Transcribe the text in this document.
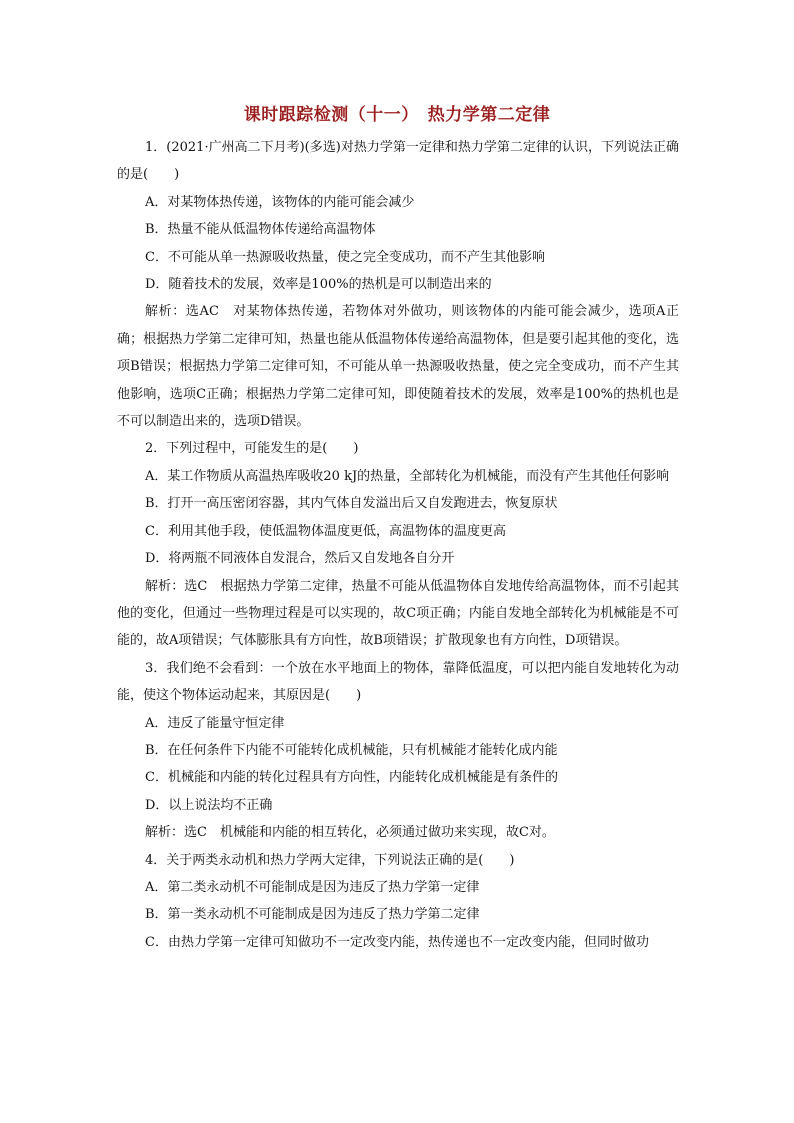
课时跟踪检测（十一）　热力学第二定律

1．(2021·广州高二下月考)(多选)对热力学第一定律和热力学第二定律的认识，下列说法正确的是(　　)

A．对某物体热传递，该物体的内能可能会减少

B．热量不能从低温物体传递给高温物体

C．不可能从单一热源吸收热量，使之完全变成功，而不产生其他影响

D．随着技术的发展，效率是100%的热机是可以制造出来的

解析：选AC　对某物体热传递，若物体对外做功，则该物体的内能可能会减少，选项A正确；根据热力学第二定律可知，热量也能从低温物体传递给高温物体，但是要引起其他的变化，选项B错误；根据热力学第二定律可知，不可能从单一热源吸收热量，使之完全变成功，而不产生其他影响，选项C正确；根据热力学第二定律可知，即使随着技术的发展，效率是100%的热机也是不可以制造出来的，选项D错误。

2．下列过程中，可能发生的是(　　)

A．某工作物质从高温热库吸收20 kJ的热量，全部转化为机械能，而没有产生其他任何影响

B．打开一高压密闭容器，其内气体自发溢出后又自发跑进去，恢复原状

C．利用其他手段，使低温物体温度更低，高温物体的温度更高

D．将两瓶不同液体自发混合，然后又自发地各自分开

解析：选C　根据热力学第二定律，热量不可能从低温物体自发地传给高温物体，而不引起其他的变化，但通过一些物理过程是可以实现的，故C项正确；内能自发地全部转化为机械能是不可能的，故A项错误；气体膨胀具有方向性，故B项错误；扩散现象也有方向性，D项错误。

3．我们绝不会看到：一个放在水平地面上的物体，靠降低温度，可以把内能自发地转化为动能，使这个物体运动起来，其原因是(　　)

A．违反了能量守恒定律

B．在任何条件下内能不可能转化成机械能，只有机械能才能转化成内能

C．机械能和内能的转化过程具有方向性，内能转化成机械能是有条件的

D．以上说法均不正确

解析：选C　机械能和内能的相互转化，必须通过做功来实现，故C对。

4．关于两类永动机和热力学两大定律，下列说法正确的是(　　)

A．第二类永动机不可能制成是因为违反了热力学第一定律

B．第一类永动机不可能制成是因为违反了热力学第二定律

C．由热力学第一定律可知做功不一定改变内能，热传递也不一定改变内能，但同时做功
